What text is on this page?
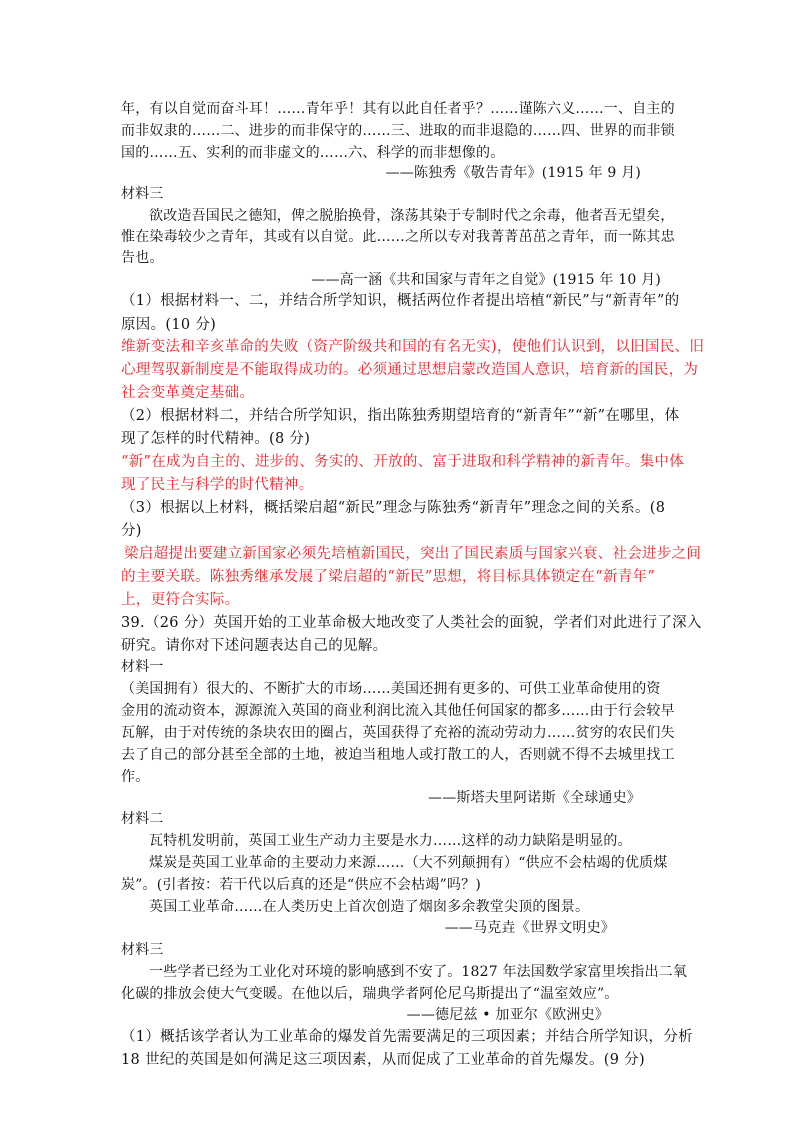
年，有以自觉而奋斗耳！……青年乎！其有以此自任者乎？……谨陈六义……一、自主的
而非奴隶的……二、进步的而非保守的……三、进取的而非退隐的……四、世界的而非锁
国的……五、实利的而非虚文的……六、科学的而非想像的。
——陈独秀《敬告青年》(1915 年 9 月)
材料三
欲改造吾国民之德知，俾之脱胎换骨，涤荡其染于专制时代之余毒，他者吾无望矣，
惟在染毒较少之青年，其或有以自觉。此……之所以专对我菁菁茁茁之青年，而一陈其忠
告也。
——高一涵《共和国家与青年之自觉》(1915 年 10 月)
（1）根据材料一、二，并结合所学知识，概括两位作者提出培植“新民”与“新青年”的
原因。(10 分)
维新变法和辛亥革命的失败（资产阶级共和国的有名无实)，使他们认识到，以旧国民、旧
心理驾驭新制度是不能取得成功的。必须通过思想启蒙改造国人意识，培育新的国民，为
社会变革奠定基础。
（2）根据材料二，并结合所学知识，指出陈独秀期望培育的“新青年”“新”在哪里，体
现了怎样的时代精神。(8 分)
“新”在成为自主的、进步的、务实的、开放的、富于进取和科学精神的新青年。集中体
现了民主与科学的时代精神。
（3）根据以上材料，概括梁启超“新民”理念与陈独秀“新青年”理念之间的关系。(8
分)
梁启超提出要建立新国家必须先培植新国民，突出了国民素质与国家兴衰、社会进步之间
的主要关联。陈独秀继承发展了梁启超的“新民”思想，将目标具体锁定在“新青年”
上，更符合实际。
39.（26 分）英国开始的工业革命极大地改变了人类社会的面貌，学者们对此进行了深入
研究。请你对下述问题表达自己的见解。
材料一
（美国拥有）很大的、不断扩大的市场……美国还拥有更多的、可供工业革命使用的资
金用的流动资本，源源流入英国的商业利润比流入其他任何国家的都多……由于行会较早
瓦解，由于对传统的条块农田的圈占，英国获得了充裕的流动劳动力……贫穷的农民们失
去了自己的部分甚至全部的土地，被迫当租地人或打散工的人，否则就不得不去城里找工
作。
——斯塔夫里阿诺斯《全球通史》
材料二
瓦特机发明前，英国工业生产动力主要是水力……这样的动力缺陷是明显的。
煤炭是英国工业革命的主要动力来源……（大不列颠拥有）“供应不会枯竭的优质煤
炭”。(引者按：若干代以后真的还是“供应不会枯竭”吗？)
英国工业革命……在人类历史上首次创造了烟囱多余教堂尖顶的图景。
——马克垚《世界文明史》
材料三
一些学者已经为工业化对环境的影响感到不安了。1827 年法国数学家富里埃指出二氧
化碳的排放会使大气变暖。在他以后，瑞典学者阿伦尼乌斯提出了“温室效应”。
——德尼兹 • 加亚尔《欧洲史》
（1）概括该学者认为工业革命的爆发首先需要满足的三项因素；并结合所学知识，分析
18 世纪的英国是如何满足这三项因素，从而促成了工业革命的首先爆发。(9 分)
